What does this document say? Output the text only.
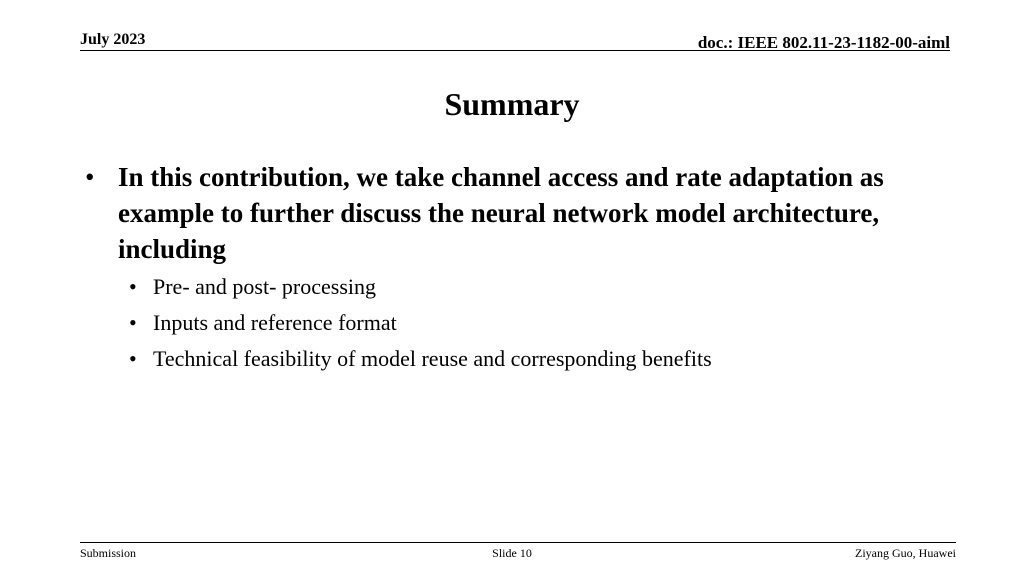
July 2023	doc.: IEEE 802.11-23-1182-00-aiml
Summary
• In this contribution, we take channel access and rate adaptation as example to further discuss the neural network model architecture, including
• Pre- and post- processing
• Inputs and reference format
• Technical feasibility of model reuse and corresponding benefits
Submission	Slide 10	Ziyang Guo, Huawei
